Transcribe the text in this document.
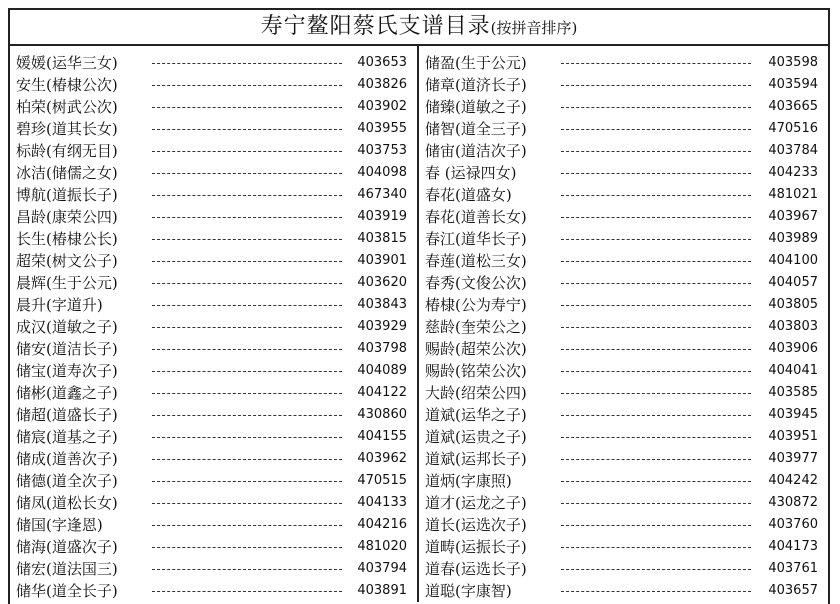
寿宁鳌阳蔡氏支谱目录(按拼音排序)
媛媛(运华三女)	403653
安生(椿棣公次)	403826
柏荣(树武公次)	403902
碧珍(道其长女)	403955
标龄(有纲无目)	403753
冰洁(储儒之女)	404098
博航(道振长子)	467340
昌龄(康荣公四)	403919
长生(椿棣公长)	403815
超荣(树文公子)	403901
晨辉(生于公元)	403620
晨升(字道升)	403843
成汉(道敏之子)	403929
储安(道洁长子)	403798
储宝(道寿次子)	404089
储彬(道鑫之子)	404122
储超(道盛长子)	430860
储宸(道基之子)	404155
储成(道善次子)	403962
储德(道全次子)	470515
储凤(道松长女)	404133
储国(字逢恩)	404216
储海(道盛次子)	481020
储宏(道法国三)	403794
储华(道全长子)	403891
储盈(生于公元)	403598
储章(道济长子)	403594
储臻(道敏之子)	403665
储智(道全三子)	470516
储宙(道洁次子)	403784
春 (运禄四女)	404233
春花(道盛女)	481021
春花(道善长女)	403967
春江(道华长子)	403989
春莲(道松三女)	404100
春秀(文俊公次)	404057
椿棣(公为寿宁)	403805
慈龄(奎荣公之)	403803
赐龄(超荣公次)	403906
赐龄(铭荣公次)	404041
大龄(绍荣公四)	403585
道斌(运华之子)	403945
道斌(运贵之子)	403951
道斌(运邦长子)	403977
道炳(字康照)	404242
道才(运龙之子)	430872
道长(运选次子)	403760
道畴(运振长子)	404173
道春(运选长子)	403761
道聪(字康智)	403657
